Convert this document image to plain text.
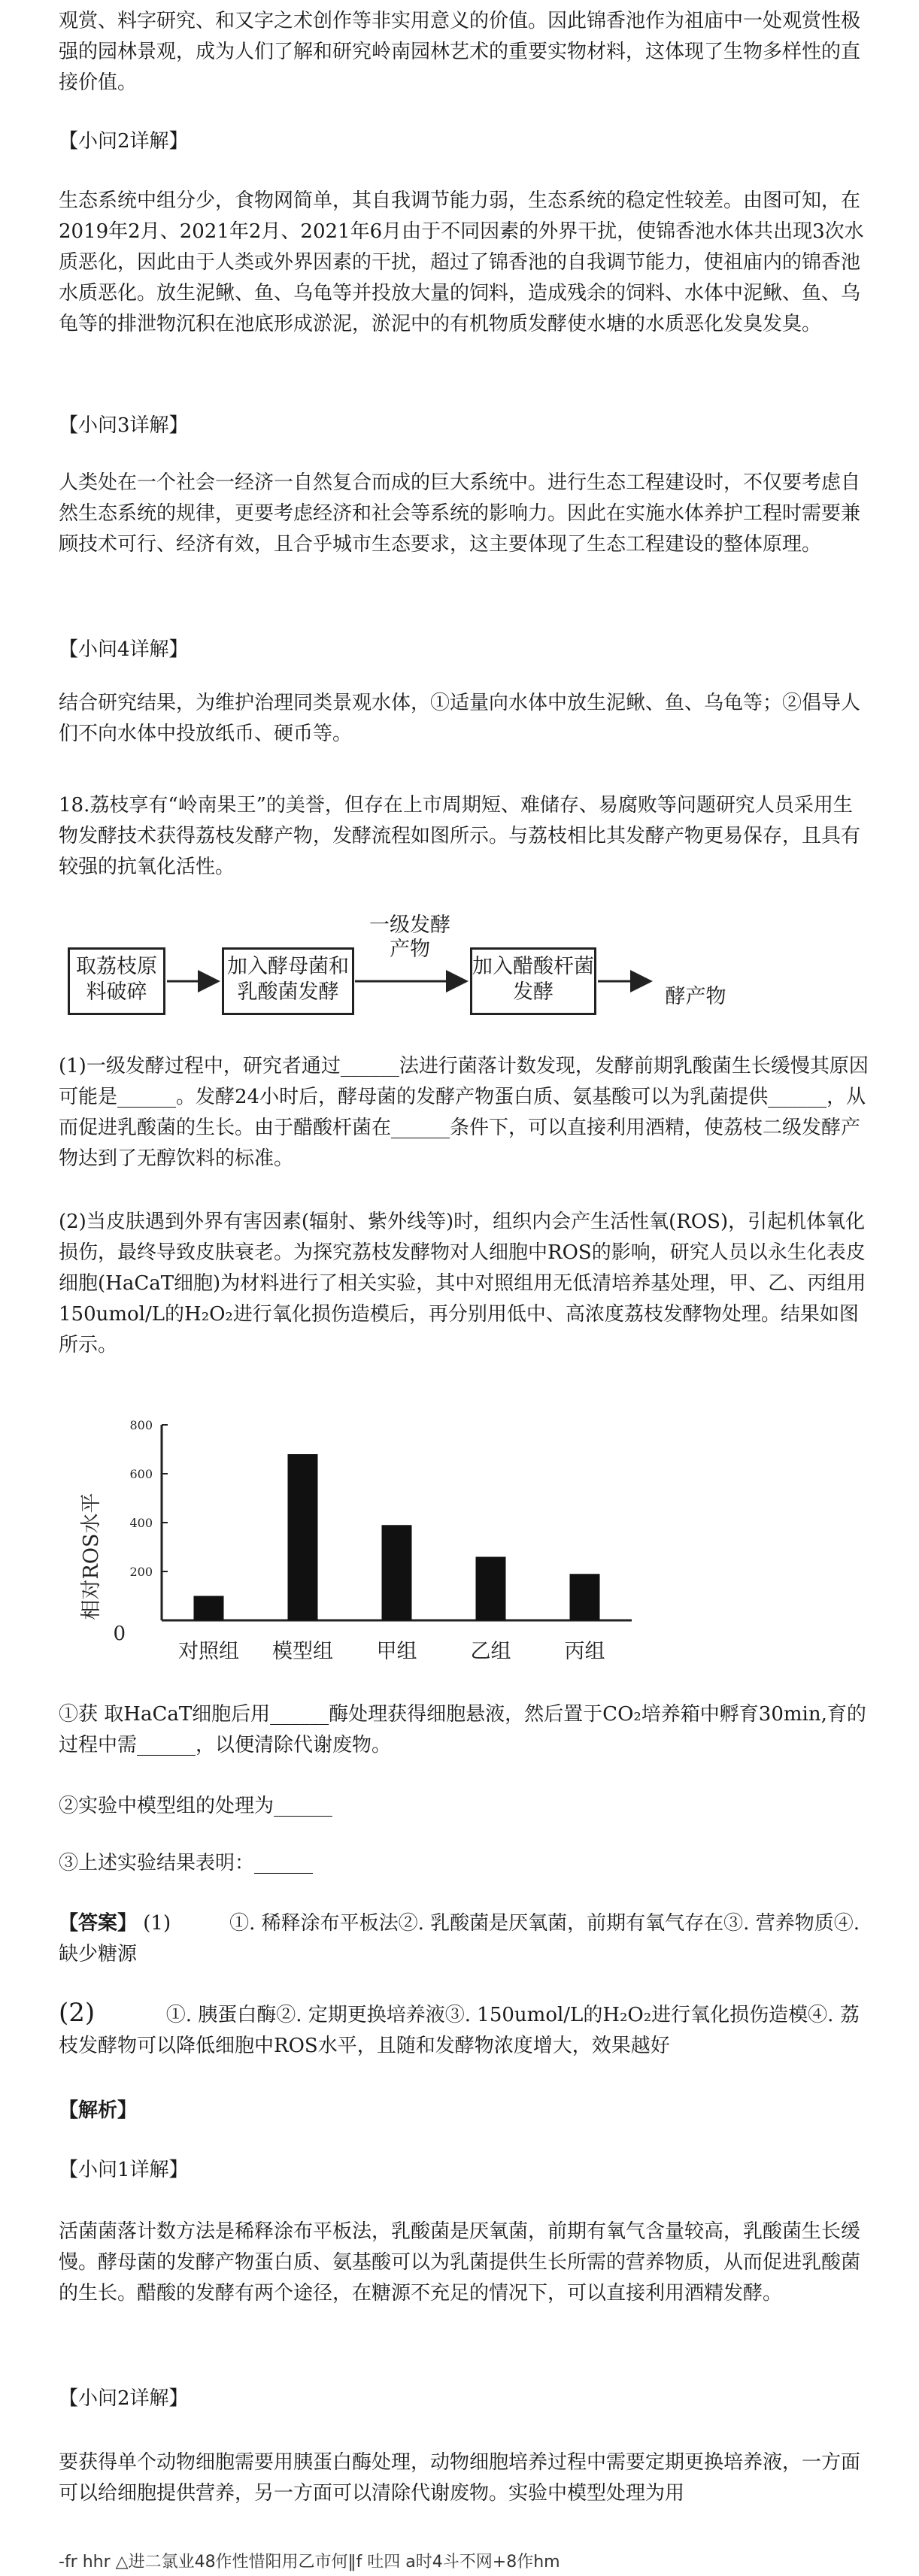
观赏、料字研究、和又字之术创作等非实用意义的价值。因此锦香池作为祖庙中一处观赏性极强的园林景观，成为人们了解和研究岭南园林艺术的重要实物材料，这体现了生物多样性的直接价值。

【小问2详解】

生态系统中组分少，食物网简单，其自我调节能力弱，生态系统的稳定性较差。由图可知，在2019年2月、2021年2月、2021年6月由于不同因素的外界干扰，使锦香池水体共出现3次水质恶化，因此由于人类或外界因素的干扰，超过了锦香池的自我调节能力，使祖庙内的锦香池水质恶化。放生泥鳅、鱼、乌龟等并投放大量的饲料，造成残余的饲料、水体中泥鳅、鱼、乌龟等的排泄物沉积在池底形成淤泥，淤泥中的有机物质发酵使水塘的水质恶化发臭发臭。

【小问3详解】

人类处在一个社会一经济一自然复合而成的巨大系统中。进行生态工程建设时，不仅要考虑自然生态系统的规律，更要考虑经济和社会等系统的影响力。因此在实施水体养护工程时需要兼顾技术可行、经济有效，且合乎城市生态要求，这主要体现了生态工程建设的整体原理。

【小问4详解】

结合研究结果，为维护治理同类景观水体，①适量向水体中放生泥鳅、鱼、乌龟等；②倡导人们不向水体中投放纸币、硬币等。

18.荔枝享有“岭南果王”的美誉，但存在上市周期短、难储存、易腐败等问题研究人员采用生物发酵技术获得荔枝发酵产物，发酵流程如图所示。与荔枝相比其发酵产物更易保存，且具有较强的抗氧化活性。

取荔枝原料破碎
加入酵母菌和乳酸菌发酵
一级发酵产物
加入醋酸杆菌发酵	酵产物

(1)一级发酵过程中，研究者通过______法进行菌落计数发现，发酵前期乳酸菌生长缓慢其原因可能是______。发酵24小时后，酵母菌的发酵产物蛋白质、氨基酸可以为乳菌提供______，从而促进乳酸菌的生长。由于醋酸杆菌在______条件下，可以直接利用酒精，使荔枝二级发酵产物达到了无醇饮料的标准。

(2)当皮肤遇到外界有害因素(辐射、紫外线等)时，组织内会产生活性氧(ROS)，引起机体氧化损伤，最终导致皮肤衰老。为探究荔枝发酵物对人细胞中ROS的影响，研究人员以永生化表皮细胞(HaCaT细胞)为材料进行了相关实验，其中对照组用无低清培养基处理，甲、乙、丙组用150umol/L的H₂O₂进行氧化损伤造模后，再分别用低中、高浓度荔枝发酵物处理。结果如图所示。

相对ROS水平
800
600
400
200
0
对照组 模型组 甲组	乙组	丙组

①获 取HaCaT细胞后用______酶处理获得细胞悬液，然后置于CO₂培养箱中孵育30min,育的过程中需______，以便清除代谢废物。

②实验中模型组的处理为______

③上述实验结果表明：______

【答案】 (1)　　　①. 稀释涂布平板法②. 乳酸菌是厌氧菌，前期有氧气存在③. 营养物质④. 缺少糖源
(2) 　　　	①. 胰蛋白酶②. 定期更换培养液③. 150umol/L的H₂O₂进行氧化损伤造模④. 荔枝发酵物可以降低细胞中ROS水平，且随和发酵物浓度增大，效果越好

【解析】

【小问1详解】

活菌菌落计数方法是稀释涂布平板法，乳酸菌是厌氧菌，前期有氧气含量较高，乳酸菌生长缓慢。酵母菌的发酵产物蛋白质、氨基酸可以为乳菌提供生长所需的营养物质，从而促进乳酸菌的生长。醋酸的发酵有两个途径，在糖源不充足的情况下，可以直接利用酒精发酵。

【小问2详解】

要获得单个动物细胞需要用胰蛋白酶处理，动物细胞培养过程中需要定期更换培养液，一方面可以给细胞提供营养，另一方面可以清除代谢废物。实验中模型处理为用

-fr hhr △进二氯业48作性惜阳用乙市何‖f 吐四 a时4斗不网+8作hm
